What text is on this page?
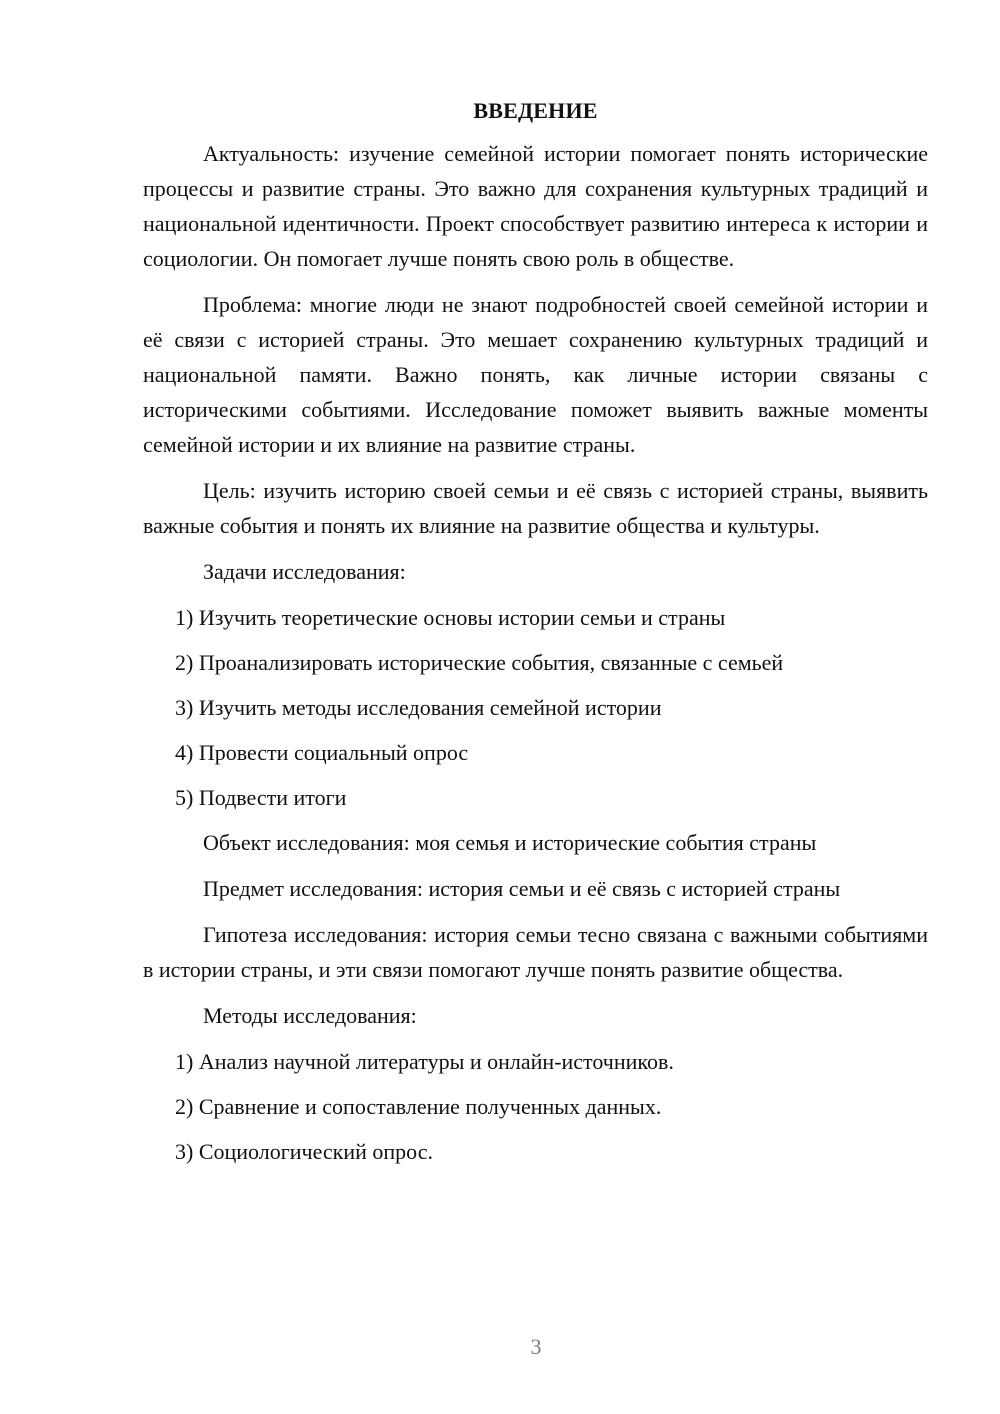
ВВЕДЕНИЕ

Актуальность: изучение семейной истории помогает понять исторические процессы и развитие страны. Это важно для сохранения культурных традиций и национальной идентичности. Проект способствует развитию интереса к истории и социологии. Он помогает лучше понять свою роль в обществе.

Проблема: многие люди не знают подробностей своей семейной истории и её связи с историей страны. Это мешает сохранению культурных традиций и национальной памяти. Важно понять, как личные истории связаны с историческими событиями. Исследование поможет выявить важные моменты семейной истории и их влияние на развитие страны.

Цель: изучить историю своей семьи и её связь с историей страны, выявить важные события и понять их влияние на развитие общества и культуры.

Задачи исследования:

1) Изучить теоретические основы истории семьи и страны
2) Проанализировать исторические события, связанные с семьей
3) Изучить методы исследования семейной истории
4) Провести социальный опрос
5) Подвести итоги

Объект исследования: моя семья и исторические события страны

Предмет исследования: история семьи и её связь с историей страны

Гипотеза исследования: история семьи тесно связана с важными событиями в истории страны, и эти связи помогают лучше понять развитие общества.

Методы исследования:

1) Анализ научной литературы и онлайн-источников.
2) Сравнение и сопоставление полученных данных.
3) Социологический опрос.
3
